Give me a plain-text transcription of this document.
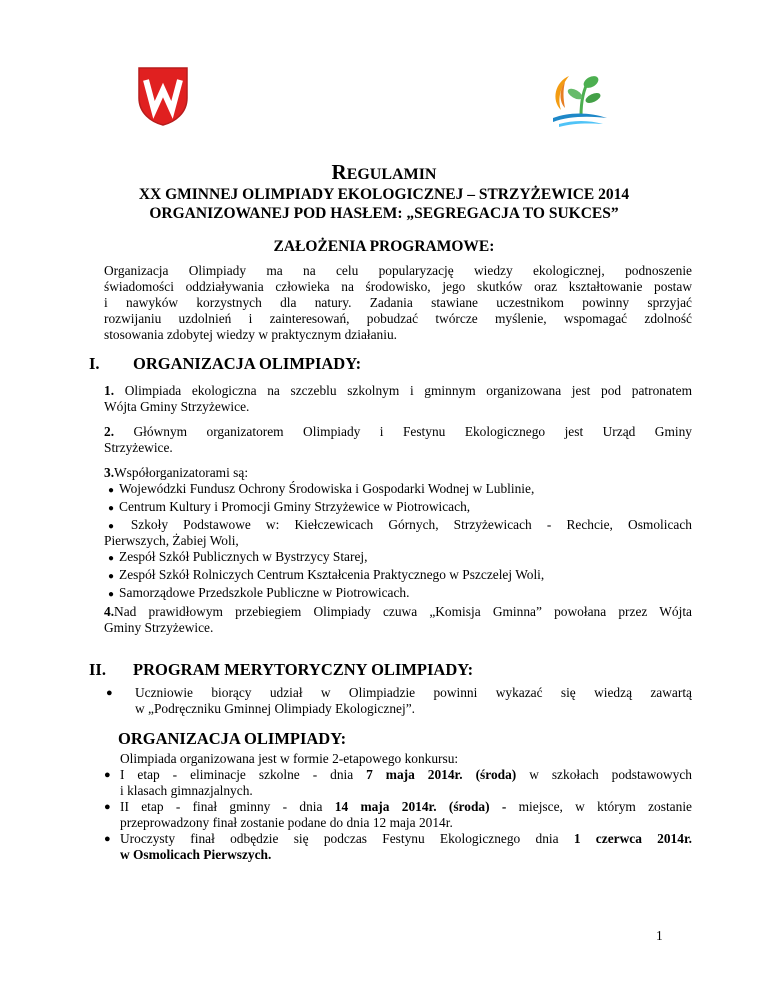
REGULAMIN
XX GMINNEJ OLIMPIADY EKOLOGICZNEJ – STRZYŻEWICE 2014
ORGANIZOWANEJ POD HASŁEM: „SEGREGACJA TO SUKCES”
ZAŁOŻENIA PROGRAMOWE:
Organizacja Olimpiady ma na celu popularyzację wiedzy ekologicznej, podnoszenie
świadomości oddziaływania człowieka na środowisko, jego skutków oraz kształtowanie postaw
i nawyków korzystnych dla natury. Zadania stawiane uczestnikom powinny sprzyjać
rozwijaniu uzdolnień i zainteresowań, pobudzać twórcze myślenie, wspomagać zdolność
stosowania zdobytej wiedzy w praktycznym działaniu.
I. ORGANIZACJA OLIMPIADY:
1. Olimpiada ekologiczna na szczeblu szkolnym i gminnym organizowana jest pod patronatem
Wójta Gminy Strzyżewice.
2. Głównym organizatorem Olimpiady i Festynu Ekologicznego jest Urząd Gminy
Strzyżewice.
3.Współorganizatorami są:
● Wojewódzki Fundusz Ochrony Środowiska i Gospodarki Wodnej w Lublinie,
● Centrum Kultury i Promocji Gminy Strzyżewice w Piotrowicach,
● Szkoły Podstawowe w: Kiełczewicach Górnych, Strzyżewicach - Rechcie, Osmolicach
Pierwszych, Żabiej Woli,
● Zespół Szkół Publicznych w Bystrzycy Starej,
● Zespół Szkół Rolniczych Centrum Kształcenia Praktycznego w Pszczelej Woli,
● Samorządowe Przedszkole Publiczne w Piotrowicach.
4.Nad prawidłowym przebiegiem Olimpiady czuwa „Komisja Gminna” powołana przez Wójta
Gminy Strzyżewice.
II. PROGRAM MERYTORYCZNY OLIMPIADY:
● Uczniowie biorący udział w Olimpiadzie powinni wykazać się wiedzą zawartą
w „Podręczniku Gminnej Olimpiady Ekologicznej”.
ORGANIZACJA OLIMPIADY:
Olimpiada organizowana jest w formie 2-etapowego konkursu:
● I etap - eliminacje szkolne - dnia 7 maja 2014r. (środa) w szkołach podstawowych
i klasach gimnazjalnych.
● II etap - finał gminny - dnia 14 maja 2014r. (środa) - miejsce, w którym zostanie
przeprowadzony finał zostanie podane do dnia 12 maja 2014r.
● Uroczysty finał odbędzie się podczas Festynu Ekologicznego dnia 1 czerwca 2014r.
w Osmolicach Pierwszych.
1
